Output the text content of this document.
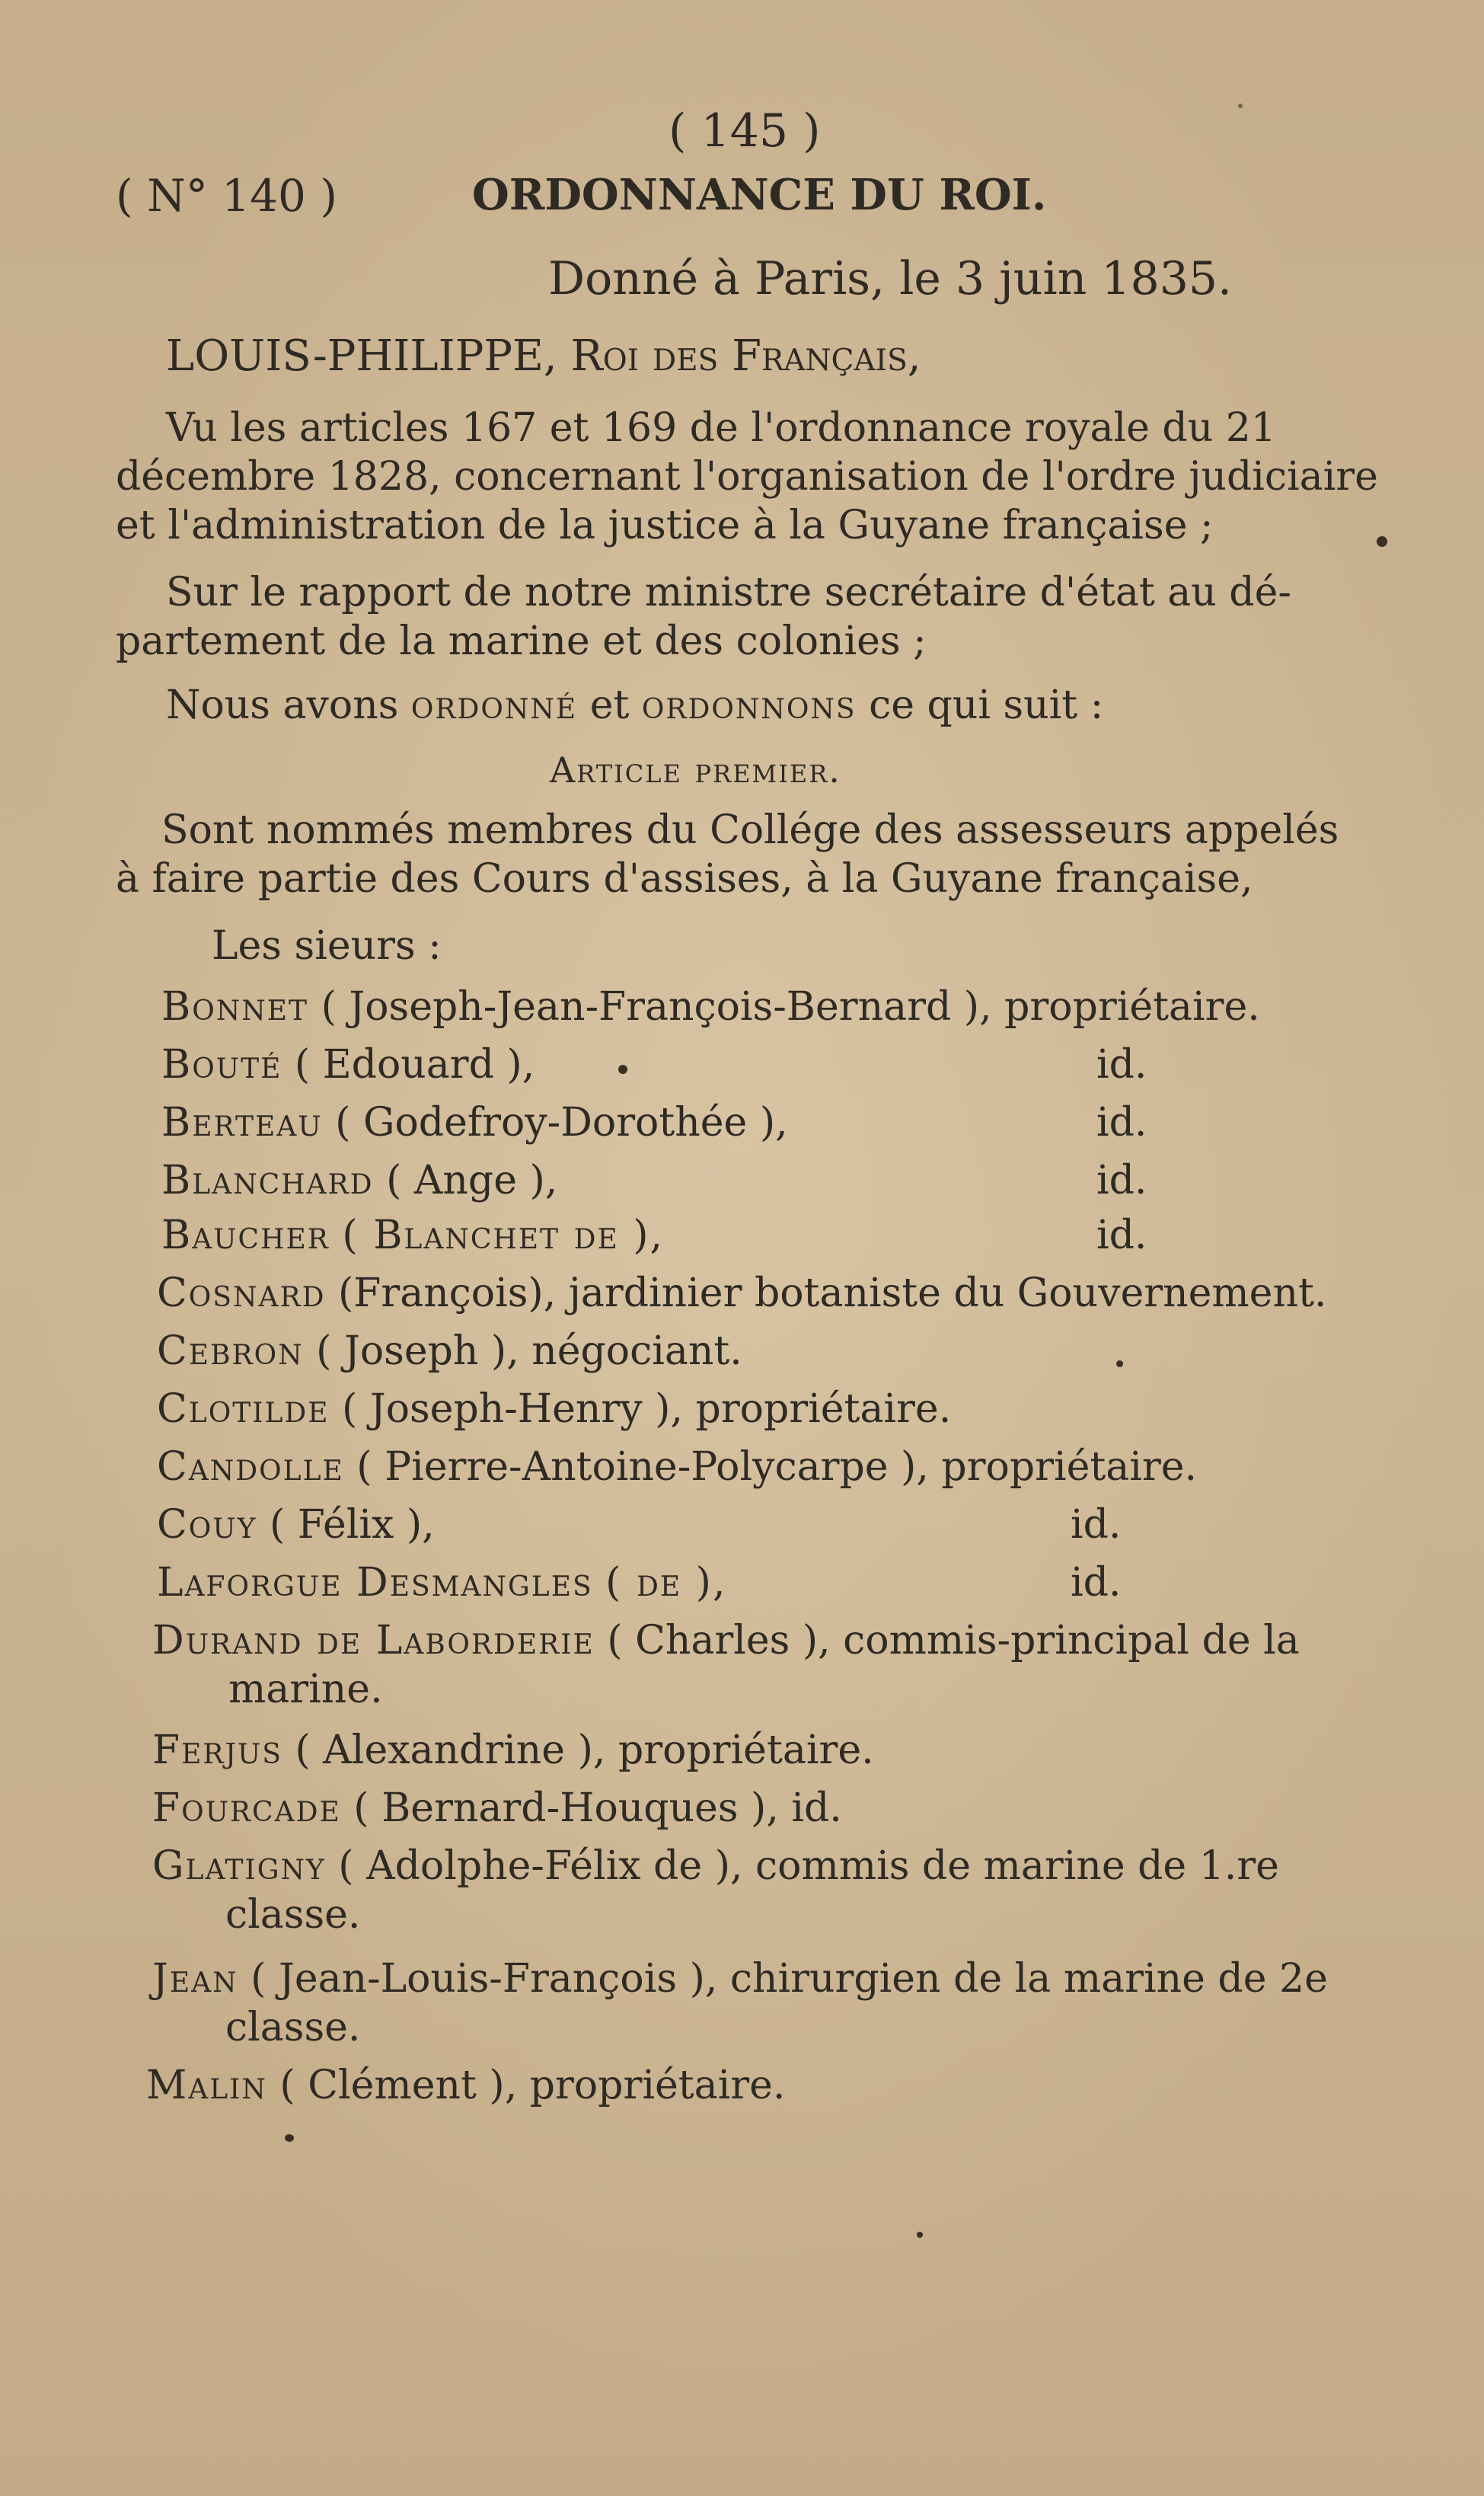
( 145 )
( N° 140 )	ORDONNANCE DU ROI.
Donné à Paris, le 3 juin 1835.
LOUIS-PHILIPPE, Roi des Français,
Vu les articles 167 et 169 de l'ordonnance royale du 21
décembre 1828, concernant l'organisation de l'ordre judiciaire
et l'administration de la justice à la Guyane française ;
Sur le rapport de notre ministre secrétaire d'état au dé-
partement de la marine et des colonies ;
Nous avons ordonné et ordonnons ce qui suit :
Article premier.
Sont nommés membres du Collége des assesseurs appelés
à faire partie des Cours d'assises, à la Guyane française,
Les sieurs :
Bonnet ( Joseph-Jean-François-Bernard ), propriétaire.
Bouté ( Edouard ),	id.
Berteau ( Godefroy-Dorothée ),	id.
Blanchard ( Ange ),	id.
Baucher ( Blanchet de ),	id.
Cosnard (François), jardinier botaniste du Gouvernement.
Cebron ( Joseph ), négociant.
Clotilde ( Joseph-Henry ), propriétaire.
Candolle ( Pierre-Antoine-Polycarpe ), propriétaire.
Couy ( Félix ),	id.
Laforgue Desmangles ( de ),	id.
Durand de Laborderie ( Charles ), commis-principal de la
marine.
Ferjus ( Alexandrine ), propriétaire.
Fourcade ( Bernard-Houques ), id.
Glatigny ( Adolphe-Félix de ), commis de marine de 1.re
classe.
Jean ( Jean-Louis-François ), chirurgien de la marine de 2e
classe.
Malin ( Clément ), propriétaire.
